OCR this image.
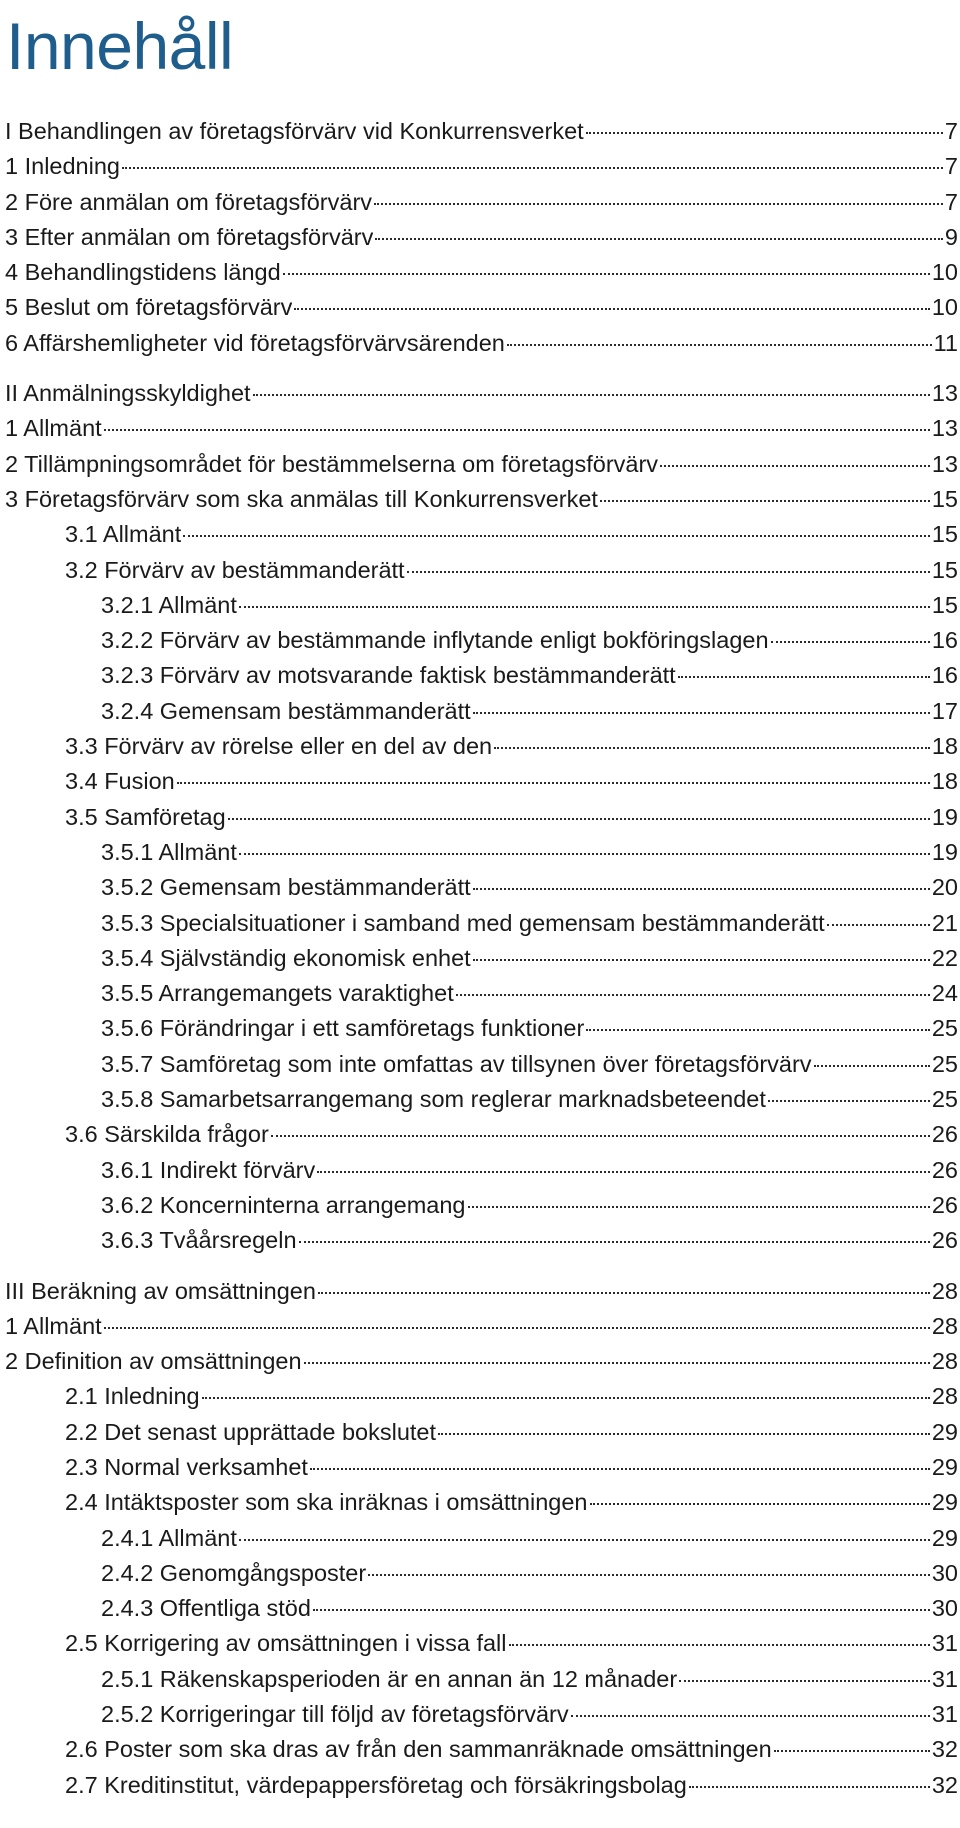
Innehåll
I Behandlingen av företagsförvärv vid Konkurrensverket	7
1 Inledning	7
2 Före anmälan om företagsförvärv	7
3 Efter anmälan om företagsförvärv	9
4 Behandlingstidens längd	10
5 Beslut om företagsförvärv	10
6 Affärshemligheter vid företagsförvärvsärenden	11
II Anmälningsskyldighet	13
1 Allmänt	13
2 Tillämpningsområdet för bestämmelserna om företagsförvärv	13
3 Företagsförvärv som ska anmälas till Konkurrensverket	15
3.1 Allmänt	15
3.2 Förvärv av bestämmanderätt	15
3.2.1 Allmänt	15
3.2.2 Förvärv av bestämmande inflytande enligt bokföringslagen	16
3.2.3 Förvärv av motsvarande faktisk bestämmanderätt	16
3.2.4 Gemensam bestämmanderätt	17
3.3 Förvärv av rörelse eller en del av den	18
3.4 Fusion	18
3.5 Samföretag	19
3.5.1 Allmänt	19
3.5.2 Gemensam bestämmanderätt	20
3.5.3 Specialsituationer i samband med gemensam bestämmanderätt	21
3.5.4 Självständig ekonomisk enhet	22
3.5.5 Arrangemangets varaktighet	24
3.5.6 Förändringar i ett samföretags funktioner	25
3.5.7 Samföretag som inte omfattas av tillsynen över företagsförvärv	25
3.5.8 Samarbetsarrangemang som reglerar marknadsbeteendet	25
3.6 Särskilda frågor	26
3.6.1 Indirekt förvärv	26
3.6.2 Koncerninterna arrangemang	26
3.6.3 Tvåårsregeln	26
III Beräkning av omsättningen	28
1 Allmänt	28
2 Definition av omsättningen	28
2.1 Inledning	28
2.2 Det senast upprättade bokslutet	29
2.3 Normal verksamhet	29
2.4 Intäktsposter som ska inräknas i omsättningen	29
2.4.1 Allmänt	29
2.4.2 Genomgångsposter	30
2.4.3 Offentliga stöd	30
2.5 Korrigering av omsättningen i vissa fall	31
2.5.1 Räkenskapsperioden är en annan än 12 månader	31
2.5.2 Korrigeringar till följd av företagsförvärv	31
2.6 Poster som ska dras av från den sammanräknade omsättningen	32
2.7 Kreditinstitut, värdepappersföretag och försäkringsbolag	32
